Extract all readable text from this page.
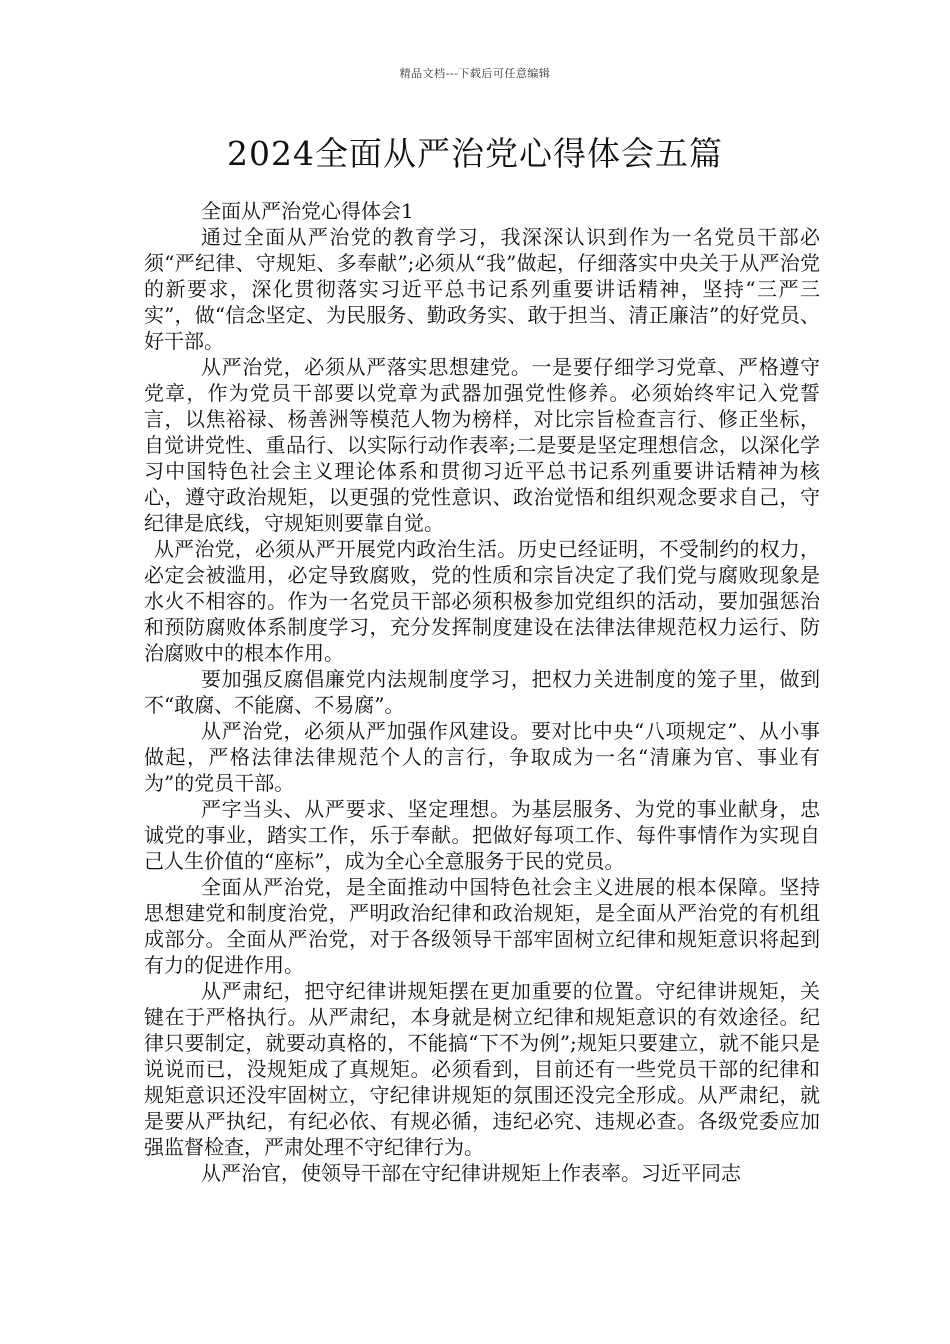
精品文档---下载后可任意编辑
2024全面从严治党心得体会五篇

全面从严治党心得体会1

通过全面从严治党的教育学习，我深深认识到作为一名党员干部必须“严纪律、守规矩、多奉献”;必须从“我”做起，仔细落实中央关于从严治党的新要求，深化贯彻落实习近平总书记系列重要讲话精神，坚持“三严三实”，做“信念坚定、为民服务、勤政务实、敢于担当、清正廉洁”的好党员、好干部。

从严治党，必须从严落实思想建党。一是要仔细学习党章、严格遵守党章，作为党员干部要以党章为武器加强党性修养。必须始终牢记入党誓言，以焦裕禄、杨善洲等模范人物为榜样，对比宗旨检查言行、修正坐标，自觉讲党性、重品行、以实际行动作表率;二是要是坚定理想信念，以深化学习中国特色社会主义理论体系和贯彻习近平总书记系列重要讲话精神为核心，遵守政治规矩，以更强的党性意识、政治觉悟和组织观念要求自己，守纪律是底线，守规矩则要靠自觉。

从严治党，必须从严开展党内政治生活。历史已经证明，不受制约的权力，必定会被滥用，必定导致腐败，党的性质和宗旨决定了我们党与腐败现象是水火不相容的。作为一名党员干部必须积极参加党组织的活动，要加强惩治和预防腐败体系制度学习，充分发挥制度建设在法律法律规范权力运行、防治腐败中的根本作用。

要加强反腐倡廉党内法规制度学习，把权力关进制度的笼子里，做到不“敢腐、不能腐、不易腐”。

从严治党，必须从严加强作风建设。要对比中央“八项规定”、从小事做起，严格法律法律规范个人的言行，争取成为一名“清廉为官、事业有为”的党员干部。

严字当头、从严要求、坚定理想。为基层服务、为党的事业献身，忠诚党的事业，踏实工作，乐于奉献。把做好每项工作、每件事情作为实现自己人生价值的“座标”，成为全心全意服务于民的党员。

全面从严治党，是全面推动中国特色社会主义进展的根本保障。坚持思想建党和制度治党，严明政治纪律和政治规矩，是全面从严治党的有机组成部分。全面从严治党，对于各级领导干部牢固树立纪律和规矩意识将起到有力的促进作用。

从严肃纪，把守纪律讲规矩摆在更加重要的位置。守纪律讲规矩，关键在于严格执行。从严肃纪，本身就是树立纪律和规矩意识的有效途径。纪律只要制定，就要动真格的，不能搞“下不为例”;规矩只要建立，就不能只是说说而已，没规矩成了真规矩。必须看到，目前还有一些党员干部的纪律和规矩意识还没牢固树立，守纪律讲规矩的氛围还没完全形成。从严肃纪，就是要从严执纪，有纪必依、有规必循，违纪必究、违规必查。各级党委应加强监督检查，严肃处理不守纪律行为。

从严治官，使领导干部在守纪律讲规矩上作表率。习近平同志
